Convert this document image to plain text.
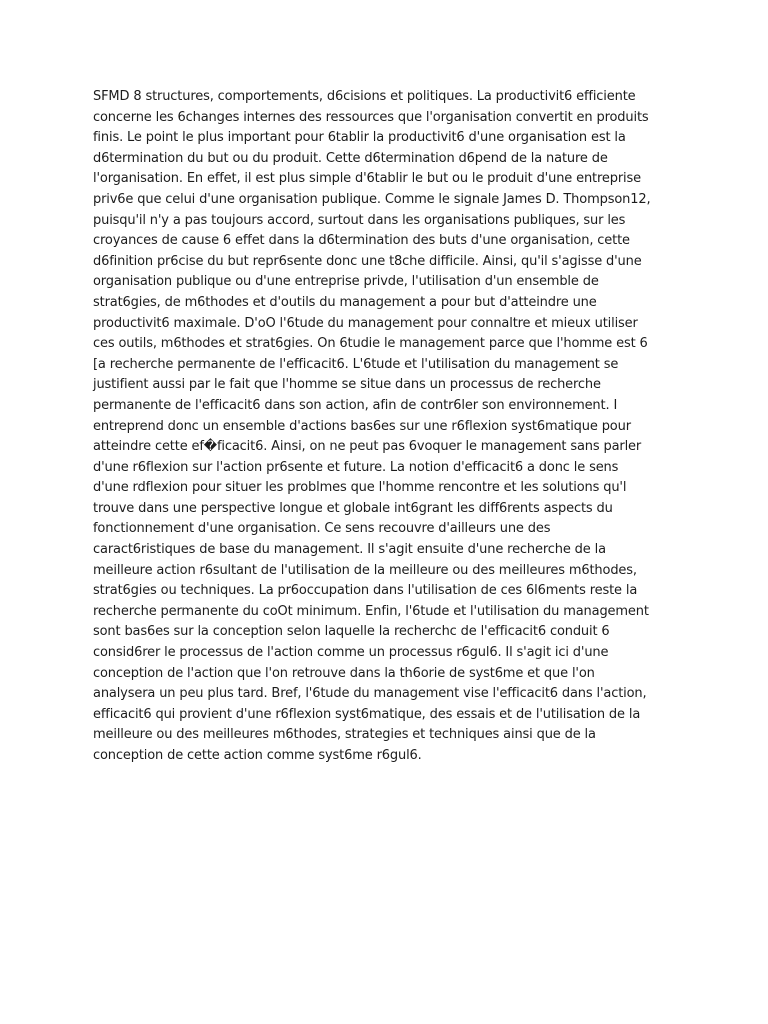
SFMD 8 structures, comportements, d6cisions et politiques. La productivit6 efficiente
concerne les 6changes internes des ressources que l'organisation convertit en produits
finis. Le point le plus important pour 6tablir la productivit6 d'une organisation est la
d6termination du but ou du produit. Cette d6termination d6pend de la nature de
l'organisation. En effet, il est plus simple d'6tablir le but ou le produit d'une entreprise
priv6e que celui d'une organisation publique. Comme le signale James D. Thompson12,
puisqu'il n'y a pas toujours accord, surtout dans les organisations publiques, sur les
croyances de cause 6 effet dans la d6termination des buts d'une organisation, cette
d6finition pr6cise du but repr6sente donc une t8che difficile. Ainsi, qu'il s'agisse d'une
organisation publique ou d'une entreprise privde, l'utilisation d'un ensemble de
strat6gies, de m6thodes et d'outils du management a pour but d'atteindre une
productivit6 maximale. D'oO l'6tude du management pour connaltre et mieux utiliser
ces outils, m6thodes et strat6gies. On 6tudie le management parce que l'homme est 6
[a recherche permanente de l'efficacit6. L'6tude et l'utilisation du management se
justifient aussi par le fait que l'homme se situe dans un processus de recherche
permanente de l'efficacit6 dans son action, afin de contr6ler son environnement. I
entreprend donc un ensemble d'actions bas6es sur une r6flexion syst6matique pour
atteindre cette ef�ficacit6. Ainsi, on ne peut pas 6voquer le management sans parler
d'une r6flexion sur l'action pr6sente et future. La notion d'efficacit6 a donc le sens
d'une rdflexion pour situer les problmes que l'homme rencontre et les solutions qu'l
trouve dans une perspective longue et globale int6grant les diff6rents aspects du
fonctionnement d'une organisation. Ce sens recouvre d'ailleurs une des
caract6ristiques de base du management. Il s'agit ensuite d'une recherche de la
meilleure action r6sultant de l'utilisation de la meilleure ou des meilleures m6thodes,
strat6gies ou techniques. La pr6occupation dans l'utilisation de ces 6l6ments reste la
recherche permanente du coOt minimum. Enfin, l'6tude et l'utilisation du management
sont bas6es sur la conception selon laquelle la recherchc de l'efficacit6 conduit 6
consid6rer le processus de l'action comme un processus r6gul6. Il s'agit ici d'une
conception de l'action que l'on retrouve dans la th6orie de syst6me et que l'on
analysera un peu plus tard. Bref, l'6tude du management vise l'efficacit6 dans l'action,
efficacit6 qui provient d'une r6flexion syst6matique, des essais et de l'utilisation de la
meilleure ou des meilleures m6thodes, strategies et techniques ainsi que de la
conception de cette action comme syst6me r6gul6.
